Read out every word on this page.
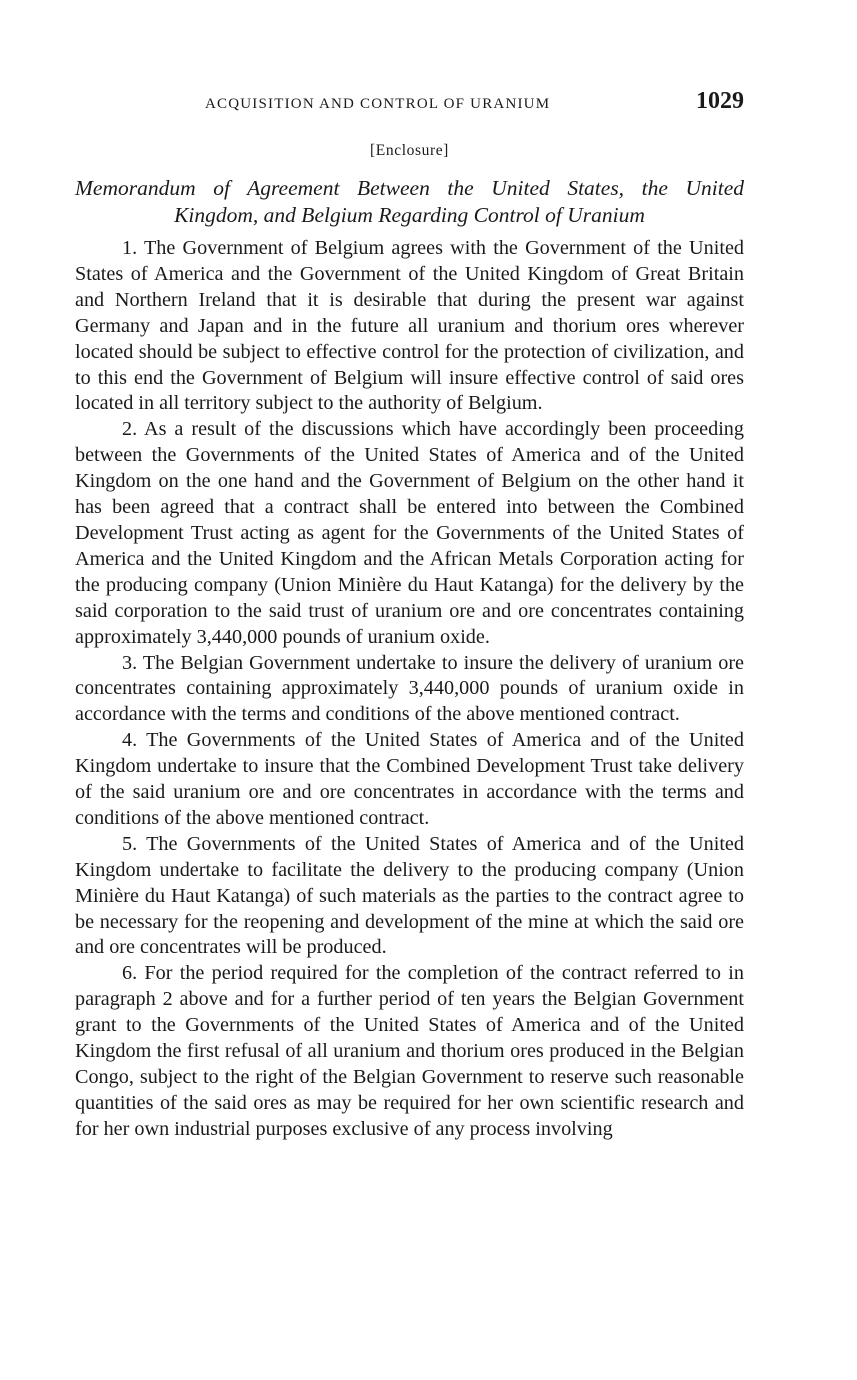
ACQUISITION AND CONTROL OF URANIUM	1029
[Enclosure]
Memorandum of Agreement Between the United States, the United
Kingdom, and Belgium Regarding Control of Uranium

1. The Government of Belgium agrees with the Government of the United States of America and the Government of the United Kingdom of Great Britain and Northern Ireland that it is desirable that during the present war against Germany and Japan and in the future all uranium and thorium ores wherever located should be subject to effective control for the protection of civilization, and to this end the Government of Belgium will insure effective control of said ores located in all territory subject to the authority of Belgium.

2. As a result of the discussions which have accordingly been proceeding between the Governments of the United States of America and of the United Kingdom on the one hand and the Government of Belgium on the other hand it has been agreed that a contract shall be entered into between the Combined Development Trust acting as agent for the Governments of the United States of America and the United Kingdom and the African Metals Corporation acting for the producing company (Union Minière du Haut Katanga) for the delivery by the said corporation to the said trust of uranium ore and ore concentrates containing approximately 3,440,000 pounds of uranium oxide.

3. The Belgian Government undertake to insure the delivery of uranium ore concentrates containing approximately 3,440,000 pounds of uranium oxide in accordance with the terms and conditions of the above mentioned contract.

4. The Governments of the United States of America and of the United Kingdom undertake to insure that the Combined Development Trust take delivery of the said uranium ore and ore concentrates in accordance with the terms and conditions of the above mentioned contract.

5. The Governments of the United States of America and of the United Kingdom undertake to facilitate the delivery to the producing company (Union Minière du Haut Katanga) of such materials as the parties to the contract agree to be necessary for the reopening and development of the mine at which the said ore and ore concentrates will be produced.

6. For the period required for the completion of the contract referred to in paragraph 2 above and for a further period of ten years the Belgian Government grant to the Governments of the United States of America and of the United Kingdom the first refusal of all uranium and thorium ores produced in the Belgian Congo, subject to the right of the Belgian Government to reserve such reasonable quantities of the said ores as may be required for her own scientific research and for her own industrial purposes exclusive of any process involving
